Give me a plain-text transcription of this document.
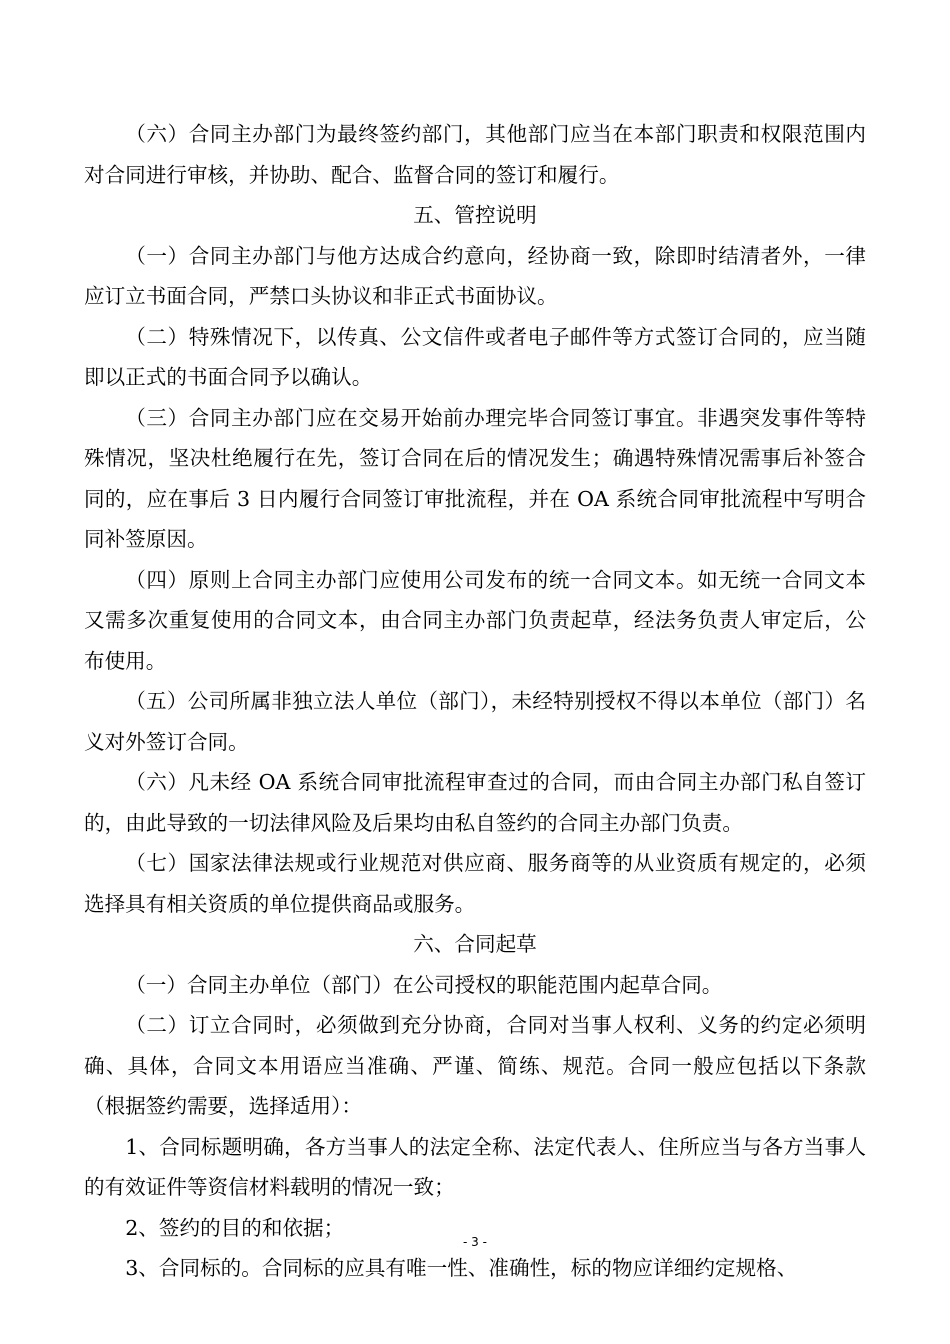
（六）合同主办部门为最终签约部门，其他部门应当在本部门职责和权限范围内对合同进行审核，并协助、配合、监督合同的签订和履行。

五、管控说明

（一）合同主办部门与他方达成合约意向，经协商一致，除即时结清者外，一律应订立书面合同，严禁口头协议和非正式书面协议。

（二）特殊情况下，以传真、公文信件或者电子邮件等方式签订合同的，应当随即以正式的书面合同予以确认。

（三）合同主办部门应在交易开始前办理完毕合同签订事宜。非遇突发事件等特殊情况，坚决杜绝履行在先，签订合同在后的情况发生；确遇特殊情况需事后补签合同的，应在事后 3 日内履行合同签订审批流程，并在 OA 系统合同审批流程中写明合同补签原因。

（四）原则上合同主办部门应使用公司发布的统一合同文本。如无统一合同文本又需多次重复使用的合同文本，由合同主办部门负责起草，经法务负责人审定后，公布使用。

（五）公司所属非独立法人单位（部门），未经特别授权不得以本单位（部门）名义对外签订合同。

（六）凡未经 OA 系统合同审批流程审查过的合同，而由合同主办部门私自签订的，由此导致的一切法律风险及后果均由私自签约的合同主办部门负责。

（七）国家法律法规或行业规范对供应商、服务商等的从业资质有规定的，必须选择具有相关资质的单位提供商品或服务。

六、合同起草

（一）合同主办单位（部门）在公司授权的职能范围内起草合同。

（二）订立合同时，必须做到充分协商，合同对当事人权利、义务的约定必须明确、具体，合同文本用语应当准确、严谨、简练、规范。合同一般应包括以下条款（根据签约需要，选择适用）：

1、合同标题明确，各方当事人的法定全称、法定代表人、住所应当与各方当事人的有效证件等资信材料载明的情况一致；

2、签约的目的和依据；

3、合同标的。合同标的应具有唯一性、准确性，标的物应详细约定规格、

- 3 -
